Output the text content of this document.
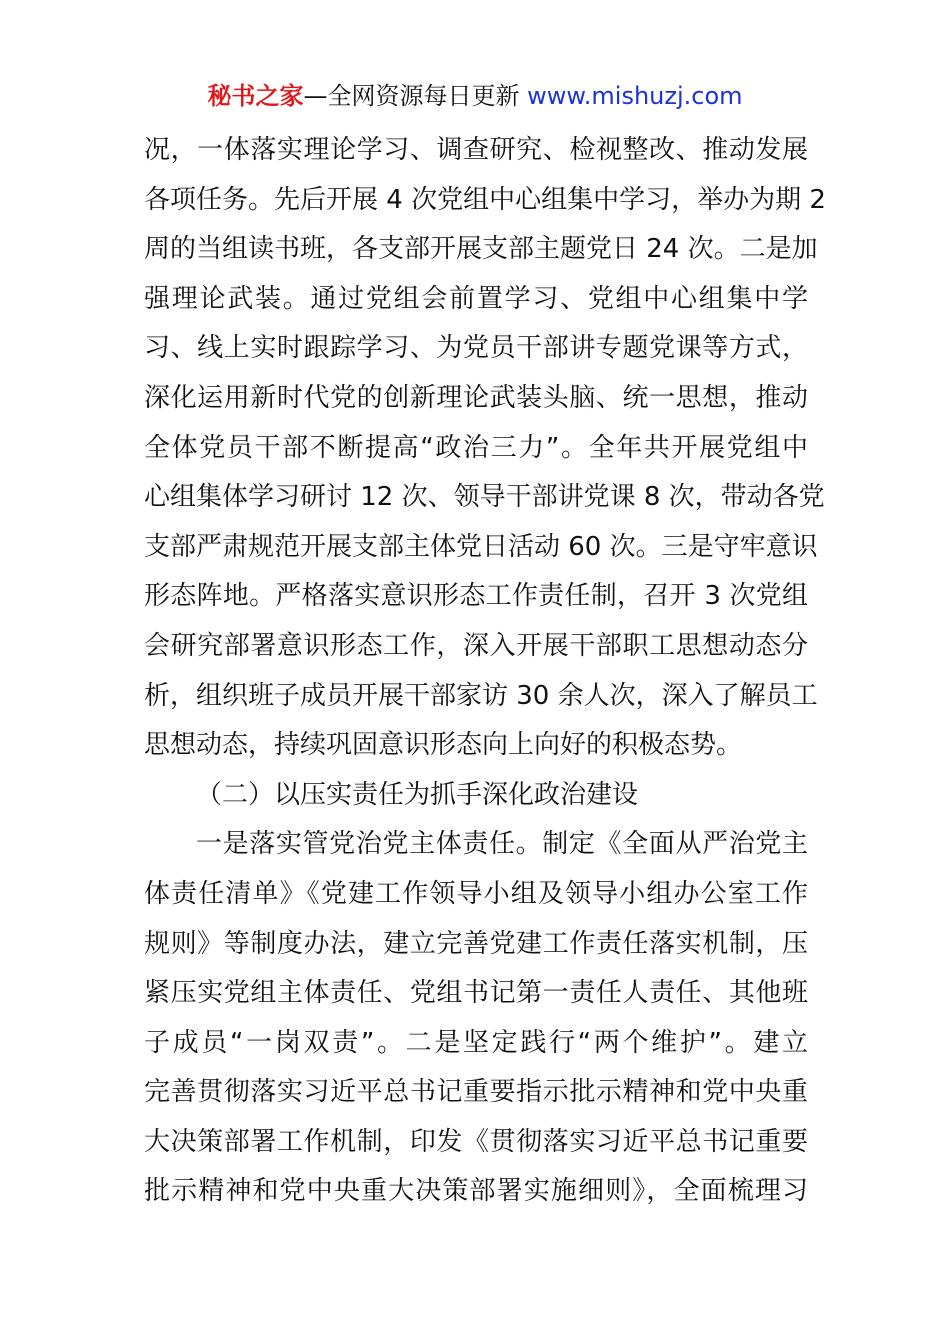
秘书之家—全网资源每日更新 www.mishuzj.com
况，一体落实理论学习、调查研究、检视整改、推动发展
各项任务。先后开展 4 次党组中心组集中学习，举办为期 2
周的当组读书班，各支部开展支部主题党日 24 次。二是加
强理论武装。通过党组会前置学习、党组中心组集中学
习、线上实时跟踪学习、为党员干部讲专题党课等方式，
深化运用新时代党的创新理论武装头脑、统一思想，推动
全体党员干部不断提高“政治三力”。全年共开展党组中
心组集体学习研讨 12 次、领导干部讲党课 8 次，带动各党
支部严肃规范开展支部主体党日活动 60 次。三是守牢意识
形态阵地。严格落实意识形态工作责任制，召开 3 次党组
会研究部署意识形态工作，深入开展干部职工思想动态分
析，组织班子成员开展干部家访 30 余人次，深入了解员工
思想动态，持续巩固意识形态向上向好的积极态势。
（二）以压实责任为抓手深化政治建设
一是落实管党治党主体责任。制定《全面从严治党主
体责任清单》《党建工作领导小组及领导小组办公室工作
规则》等制度办法，建立完善党建工作责任落实机制，压
紧压实党组主体责任、党组书记第一责任人责任、其他班
子成员“一岗双责”。二是坚定践行“两个维护”。建立
完善贯彻落实习近平总书记重要指示批示精神和党中央重
大决策部署工作机制，印发《贯彻落实习近平总书记重要
批示精神和党中央重大决策部署实施细则》，全面梳理习
